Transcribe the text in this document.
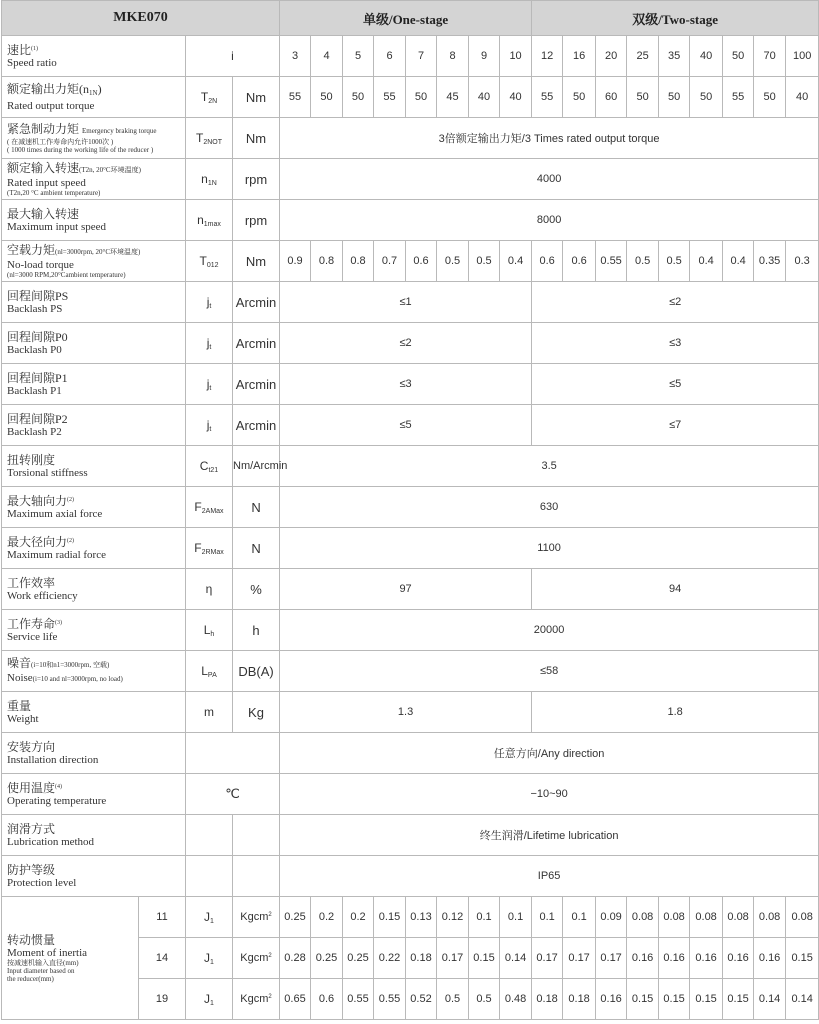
MKE070				单级/One-stage								双级/Two-stage								

速比$^{(1)}$
Speed ratio		i		3	4	5	6	7	8	9	10	12	16	20	25	35	40	50	70	100

额定输出力矩$(n_{1N})$
Rated output torque		$T_{2N}$	Nm	55	50	50	55	50	45	40	40	55	50	60	50	50	50	55	50	40

紧急制动力矩 Emergency braking torque
( 在减速机工作寿命内允许1000次 )
( 1000 times during the working life of the reducer )		$T_{2NOT}$	Nm	3倍额定输出力矩/3 Times rated output torque																

额定输入转速(T2n, 20°C环境温度)
Rated input speed
(T2n,20 °C ambient temperature)		$n_{1N}$	rpm	4000																

最大输入转速
Maximum input speed		$n_{1max}$	rpm	8000																

空载力矩(nl=3000rpm, 20°C环境温度)
No-load torque
(nl=3000 RPM,20°Cambient temperature)		$T_{012}$	Nm	0.9	0.8	0.8	0.7	0.6	0.5	0.5	0.4	0.6	0.6	0.55	0.5	0.5	0.4	0.4	0.35	0.3

回程间隙PS
Backlash PS		$j_t$	Arcmin	≤1								≤2								

回程间隙P0
Backlash P0		$j_t$	Arcmin	≤2								≤3								

回程间隙P1
Backlash P1		$j_t$	Arcmin	≤3								≤5								

回程间隙P2
Backlash P2		$j_t$	Arcmin	≤5								≤7								

扭转刚度
Torsional stiffness		$C_{t21}$	Nm/Arcmin	3.5																

最大轴向力$^{(2)}$
Maximum axial force		$F_{2AMax}$	N	630																

最大径向力$^{(2)}$
Maximum radial force		$F_{2RMax}$	N	1100																

工作效率
Work efficiency		η	%	97								94								

工作寿命$^{(3)}$
Service life		$L_h$	h	20000																

噪音(i=10和n1=3000rpm, 空载)
Noise(i=10 and nl=3000rpm, no load)		$L_{PA}$	DB(A)	≤58																

重量
Weight		m	Kg	1.3								1.8								

安装方向
Installation direction				任意方向/Any direction																

使用温度$^{(4)}$
Operating temperature		℃		−10~90																

润滑方式
Lubrication method				终生润滑/Lifetime lubrication																

防护等级
Protection level				IP65																

转动惯量
Moment of inertia
按减速机输入直径(mm)
Input diameter based on
the reducer(mm)	11	$J_1$	Kgcm$^2$	0.25	0.2	0.2	0.15	0.13	0.12	0.1	0.1	0.1	0.1	0.09	0.08	0.08	0.08	0.08	0.08	0.08
	14	$J_1$	Kgcm$^2$	0.28	0.25	0.25	0.22	0.18	0.17	0.15	0.14	0.17	0.17	0.17	0.16	0.16	0.16	0.16	0.16	0.15
	19	$J_1$	Kgcm$^2$	0.65	0.6	0.55	0.55	0.52	0.5	0.5	0.48	0.18	0.18	0.16	0.15	0.15	0.15	0.15	0.14	0.14
